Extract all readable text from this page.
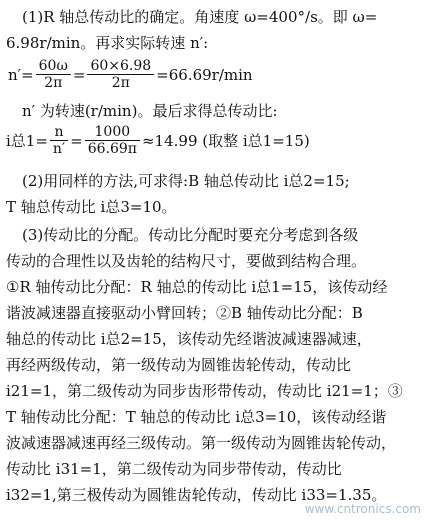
(1)R 轴总传动比的确定。角速度 ω=400°/s。即 ω=
6.98r/min。再求实际转速 n′:
$n'= \frac{60\omega}{2\pi} = \frac{60\times 6.98}{2\pi} =66.69r/\min$
n′ 为转速(r/min)。最后求得总传动比:
i总$1= \frac{n}{n'} = \frac{1000}{66.69\pi} \approx 14.99$ (取整 i总1=15)
(2)用同样的方法,可求得:B 轴总传动比 i总2=15;
T 轴总传动比 i总3=10。
(3)传动比的分配。传动比分配时要充分考虑到各级
传动的合理性以及齿轮的结构尺寸，要做到结构合理。
①R 轴传动比分配：R 轴总的传动比 i总1=15，该传动经
谐波减速器直接驱动小臂回转；②B 轴传动比分配：B
轴总的传动比 i总2=15，该传动先经谐波减速器减速，
再经两级传动，第一级传动为圆锥齿轮传动，传动比
i21=1，第二级传动为同步齿形带传动，传动比 i21=1；③
T 轴传动比分配：T 轴总的传动比 i总3=10，该传动经谐
波减速器减速再经三级传动。第一级传动为圆锥齿轮传动，
传动比 i31=1，第二级传动为同步带传动，传动比
i32=1,第三极传动为圆锥齿轮传动，传动比 i33=1.35。
www.cntronics.com
